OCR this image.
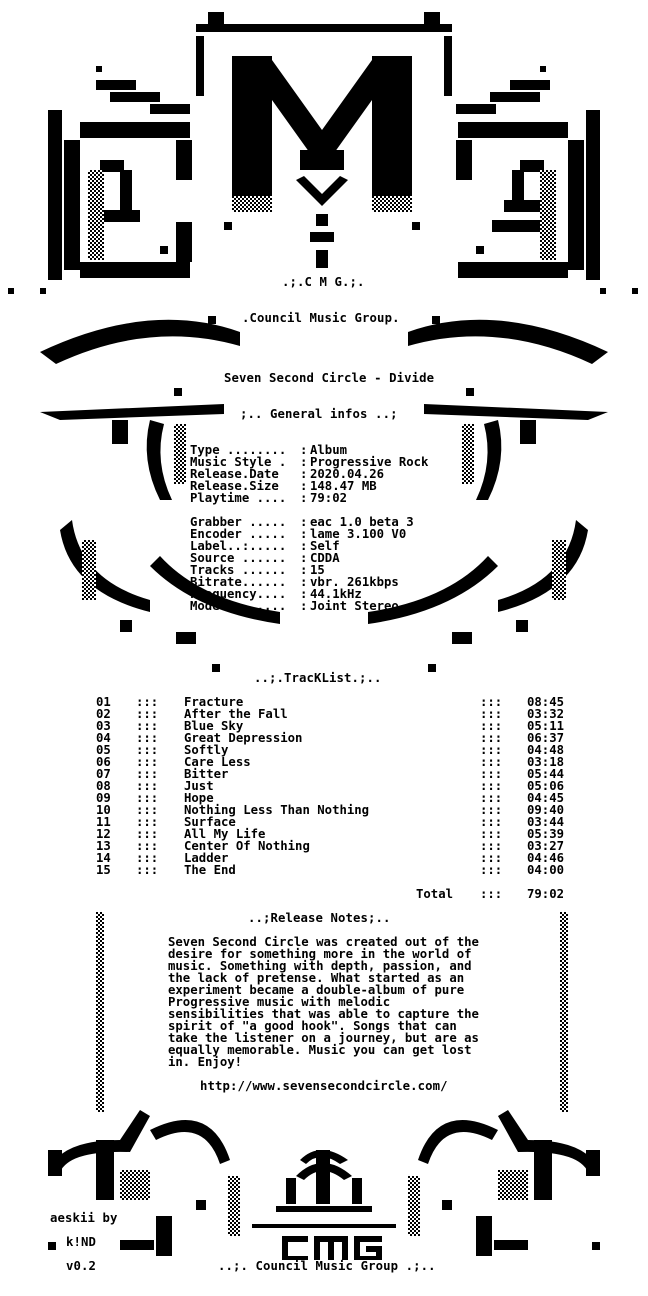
.;.C M G.;.
.Council Music Group.
Seven Second Circle - Divide
;.. General infos ..;
Type ........ : Album
Music Style . : Progressive Rock
Release.Date : 2020.04.26
Release.Size : 148.47 MB
Playtime .... : 79:02
Grabber ..... : eac 1.0 beta 3
Encoder ..... : lame 3.100 V0
Label..:..... : Self
Source ...... : CDDA
Tracks ...... : 15
Bitrate...... : vbr. 261kbps
Frequency.... : 44.1kHz
Mode ........ : Joint Stereo
..;.TracKList.;..
01 ::: Fracture	::: 08:45
02 ::: After the Fall	::: 03:32
03 ::: Blue Sky	::: 05:11
04 ::: Great Depression	::: 06:37
05 ::: Softly	::: 04:48
06 ::: Care Less	::: 03:18
07 ::: Bitter	::: 05:44
08 ::: Just	::: 05:06
09 ::: Hope	::: 04:45
10 ::: Nothing Less Than Nothing	::: 09:40
11 ::: Surface	::: 03:44
12 ::: All My Life	::: 05:39
13 ::: Center Of Nothing	::: 03:27
14 ::: Ladder	::: 04:46
15 ::: The End	::: 04:00
Total ::: 79:02
..;Release Notes;..
Seven Second Circle was created out of the
desire for something more in the world of
music. Something with depth, passion, and
the lack of pretense. What started as an
experiment became a double-album of pure
Progressive music with melodic
sensibilities that was able to capture the
spirit of "a good hook". Songs that can
take the listener on a journey, but are as
equally memorable. Music you can get lost
in. Enjoy!
http://www.sevensecondcircle.com/
aeskii by
k!ND
v0.2	..;. Council Music Group .;..
